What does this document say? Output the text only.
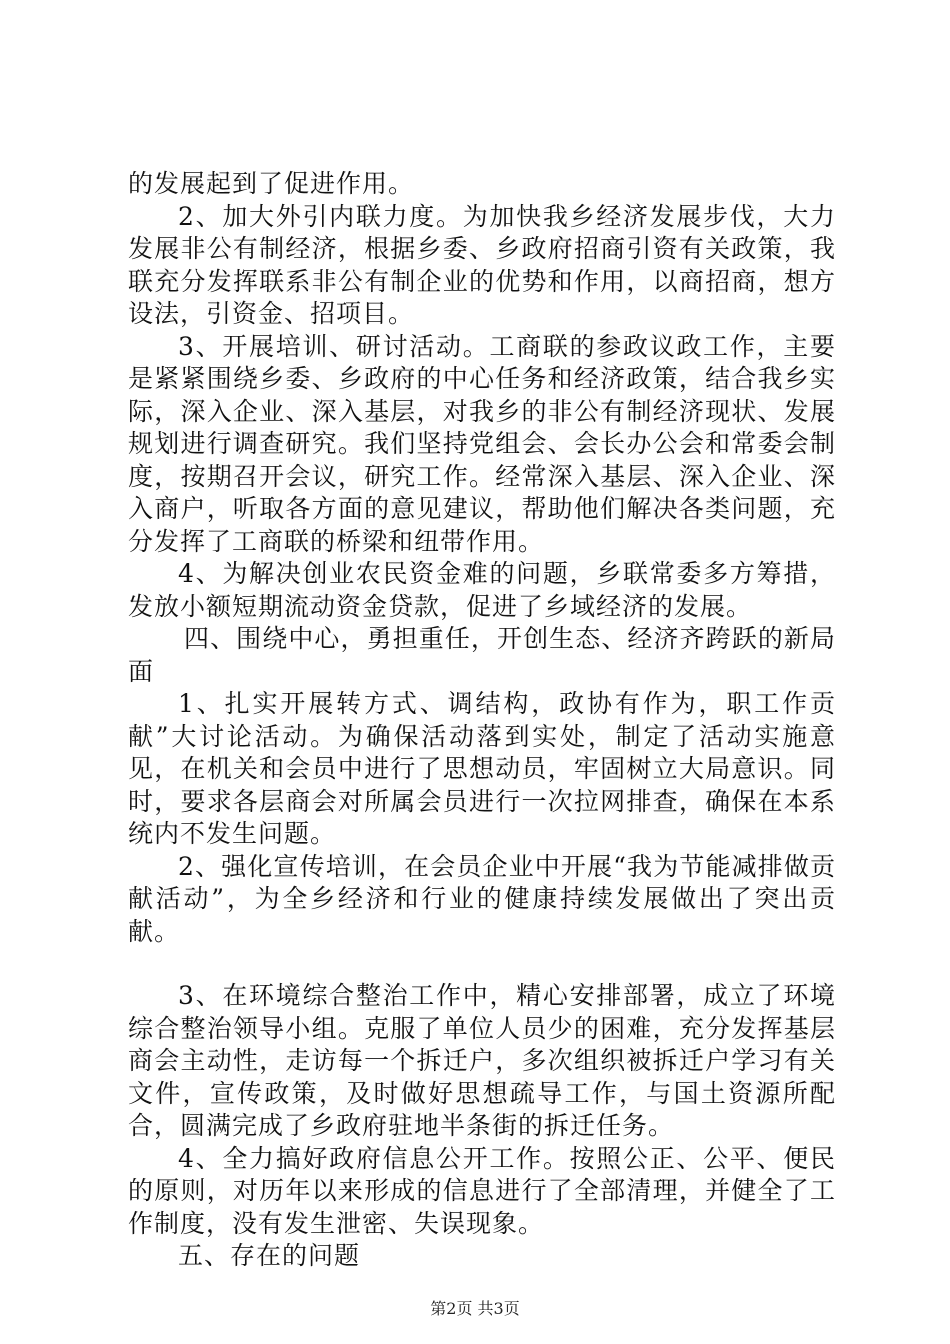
的发展起到了促进作用。

2、加大外引内联力度。为加快我乡经济发展步伐，大力发展非公有制经济，根据乡委、乡政府招商引资有关政策，我联充分发挥联系非公有制企业的优势和作用，以商招商，想方设法，引资金、招项目。

3、开展培训、研讨活动。工商联的参政议政工作，主要是紧紧围绕乡委、乡政府的中心任务和经济政策，结合我乡实际，深入企业、深入基层，对我乡的非公有制经济现状、发展规划进行调查研究。我们坚持党组会、会长办公会和常委会制度，按期召开会议，研究工作。经常深入基层、深入企业、深入商户，听取各方面的意见建议，帮助他们解决各类问题，充分发挥了工商联的桥梁和纽带作用。

4、为解决创业农民资金难的问题，乡联常委多方筹措，发放小额短期流动资金贷款，促进了乡域经济的发展。

四、围绕中心，勇担重任，开创生态、经济齐跨跃的新局面

1、扎实开展转方式、调结构，政协有作为，职工作贡献”大讨论活动。为确保活动落到实处，制定了活动实施意见，在机关和会员中进行了思想动员，牢固树立大局意识。同时，要求各层商会对所属会员进行一次拉网排查，确保在本系统内不发生问题。

2、强化宣传培训，在会员企业中开展“我为节能减排做贡献活动”，为全乡经济和行业的健康持续发展做出了突出贡献。

3、在环境综合整治工作中，精心安排部署，成立了环境综合整治领导小组。克服了单位人员少的困难，充分发挥基层商会主动性，走访每一个拆迁户，多次组织被拆迁户学习有关文件，宣传政策，及时做好思想疏导工作，与国土资源所配合，圆满完成了乡政府驻地半条街的拆迁任务。

4、全力搞好政府信息公开工作。按照公正、公平、便民的原则，对历年以来形成的信息进行了全部清理，并健全了工作制度，没有发生泄密、失误现象。

五、存在的问题

第2页 共3页
